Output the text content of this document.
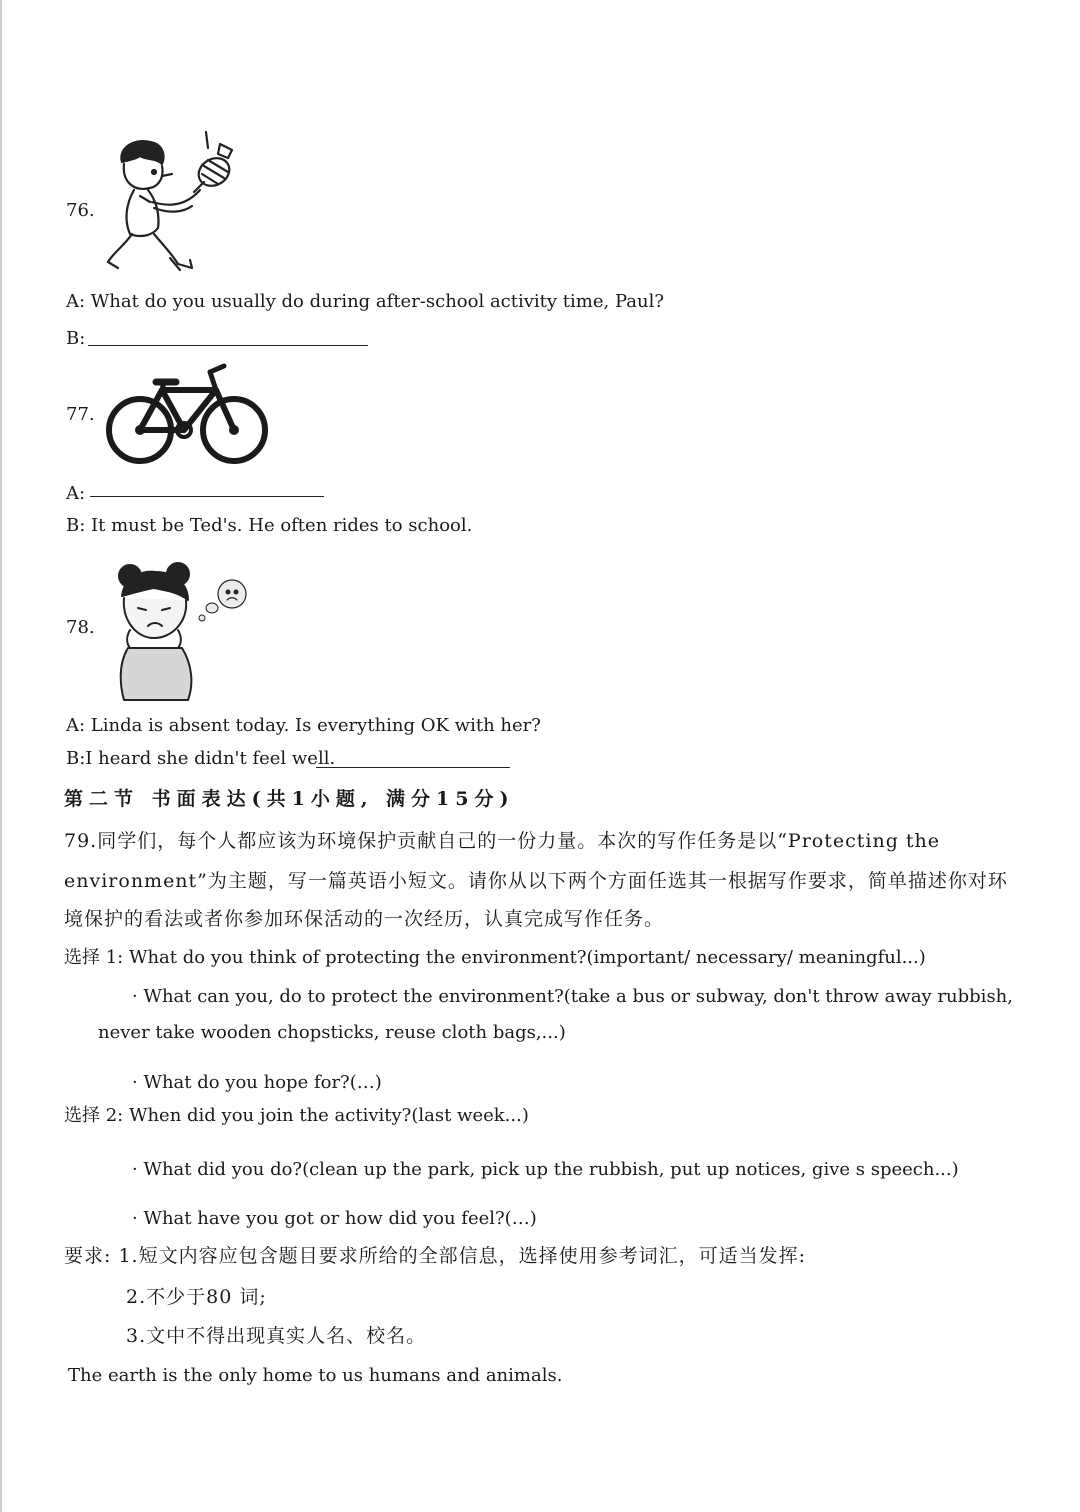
76.
A: What do you usually do during after-school activity time, Paul?
B:
77.
A:
B: It must be Ted's. He often rides to school.
78.
A: Linda is absent today. Is everything OK with her?
B:I heard she didn't feel well.
第二节 书面表达(共1小题, 满分15分)
79.同学们，每个人都应该为环境保护贡献自己的一份力量。本次的写作任务是以“Protecting the
environment”为主题，写一篇英语小短文。请你从以下两个方面任选其一根据写作要求，简单描述你对环
境保护的看法或者你参加环保活动的一次经历，认真完成写作任务。
选择 1: What do you think of protecting the environment?(important/ necessary/ meaningful...)
· What can you, do to protect the environment?(take a bus or subway, don't throw away rubbish,
never take wooden chopsticks, reuse cloth bags,...)
· What do you hope for?(…)
选择 2: When did you join the activity?(last week...)
· What did you do?(clean up the park, pick up the rubbish, put up notices, give s speech...)
· What have you got or how did you feel?(…)
要求: 1.短文内容应包含题目要求所给的全部信息，选择使用参考词汇，可适当发挥:
2.不少于80 词;
3.文中不得出现真实人名、校名。
The earth is the only home to us humans and animals.
